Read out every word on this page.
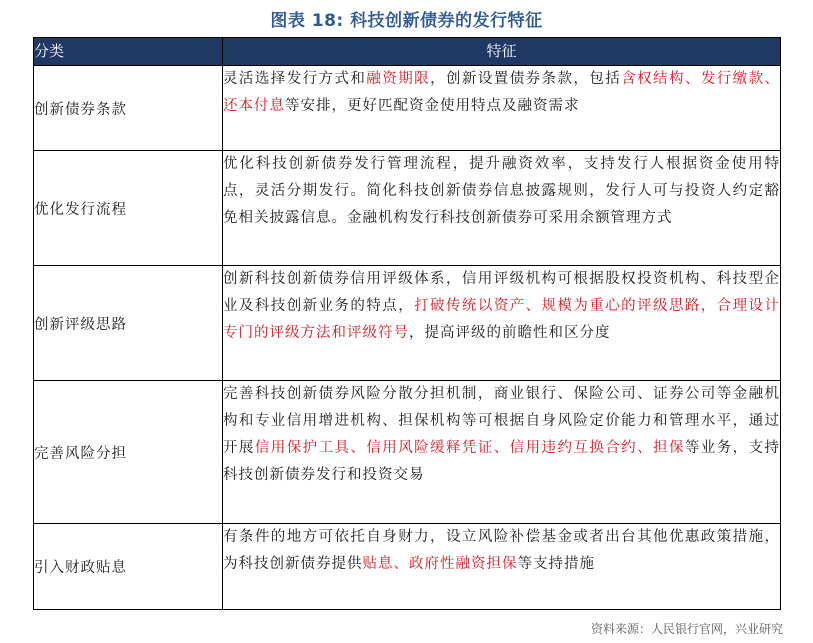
图表 18: 科技创新债券的发行特征
分类	特征
创新债券条款	灵活选择发行方式和融资期限，创新设置债券条款，包括含权结构、发行缴款、还本付息等安排，更好匹配资金使用特点及融资需求
优化发行流程	优化科技创新债券发行管理流程，提升融资效率，支持发行人根据资金使用特点，灵活分期发行。简化科技创新债券信息披露规则，发行人可与投资人约定豁免相关披露信息。金融机构发行科技创新债券可采用余额管理方式
创新评级思路	创新科技创新债券信用评级体系，信用评级机构可根据股权投资机构、科技型企业及科技创新业务的特点，打破传统以资产、规模为重心的评级思路，合理设计专门的评级方法和评级符号，提高评级的前瞻性和区分度
完善风险分担	完善科技创新债券风险分散分担机制，商业银行、保险公司、证券公司等金融机构和专业信用增进机构、担保机构等可根据自身风险定价能力和管理水平，通过开展信用保护工具、信用风险缓释凭证、信用违约互换合约、担保等业务，支持科技创新债券发行和投资交易
引入财政贴息	有条件的地方可依托自身财力，设立风险补偿基金或者出台其他优惠政策措施，为科技创新债券提供贴息、政府性融资担保等支持措施
资料来源：人民银行官网，兴业研究
